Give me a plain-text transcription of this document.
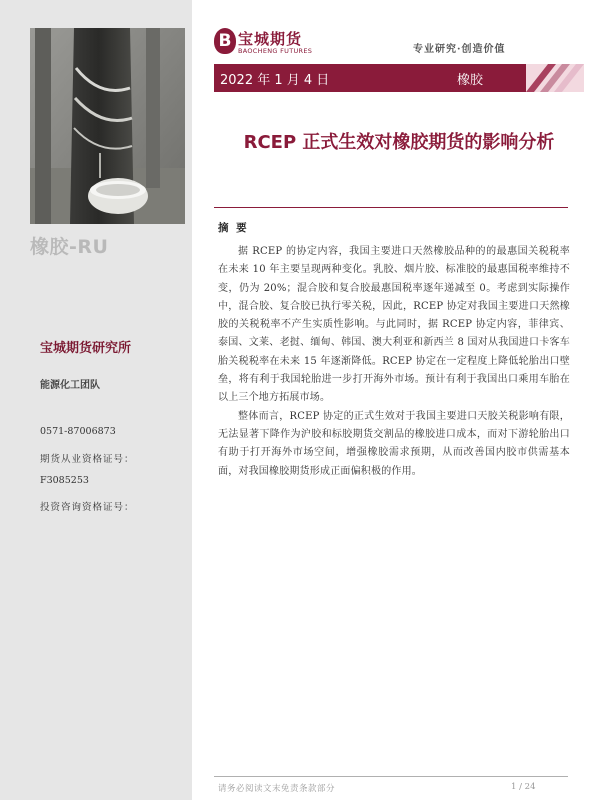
橡胶-RU
宝城期货研究所
能源化工团队
0571-87006873
期货从业资格证号：
F3085253
投资咨询资格证号：
B 宝城期货
BAOCHENG FUTURES	专业研究·创造价值
2022 年 1 月 4 日	橡胶
RCEP 正式生效对橡胶期货的影响分析
摘 要

据 RCEP 的协定内容，我国主要进口天然橡胶品种的的最惠国关税税率在未来 10 年主要呈现两种变化。乳胶、烟片胶、标准胶的最惠国税率维持不变，仍为 20%；混合胶和复合胶最惠国税率逐年递减至 0。考虑到实际操作中，混合胶、复合胶已执行零关税，因此，RCEP 协定对我国主要进口天然橡胶的关税税率不产生实质性影响。与此同时，据 RCEP 协定内容，菲律宾、泰国、文莱、老挝、缅甸、韩国、澳大利亚和新西兰 8 国对从我国进口卡客车胎关税税率在未来 15 年逐渐降低。RCEP 协定在一定程度上降低轮胎出口壁垒，将有利于我国轮胎进一步打开海外市场。预计有利于我国出口乘用车胎在以上三个地方拓展市场。

整体而言，RCEP 协定的正式生效对于我国主要进口天胶关税影响有限，无法显著下降作为沪胶和标胶期货交割品的橡胶进口成本，而对下游轮胎出口有助于打开海外市场空间，增强橡胶需求预期，从而改善国内胶市供需基本面，对我国橡胶期货形成正面偏积极的作用。

请务必阅读文末免责条款部分	1 / 24
